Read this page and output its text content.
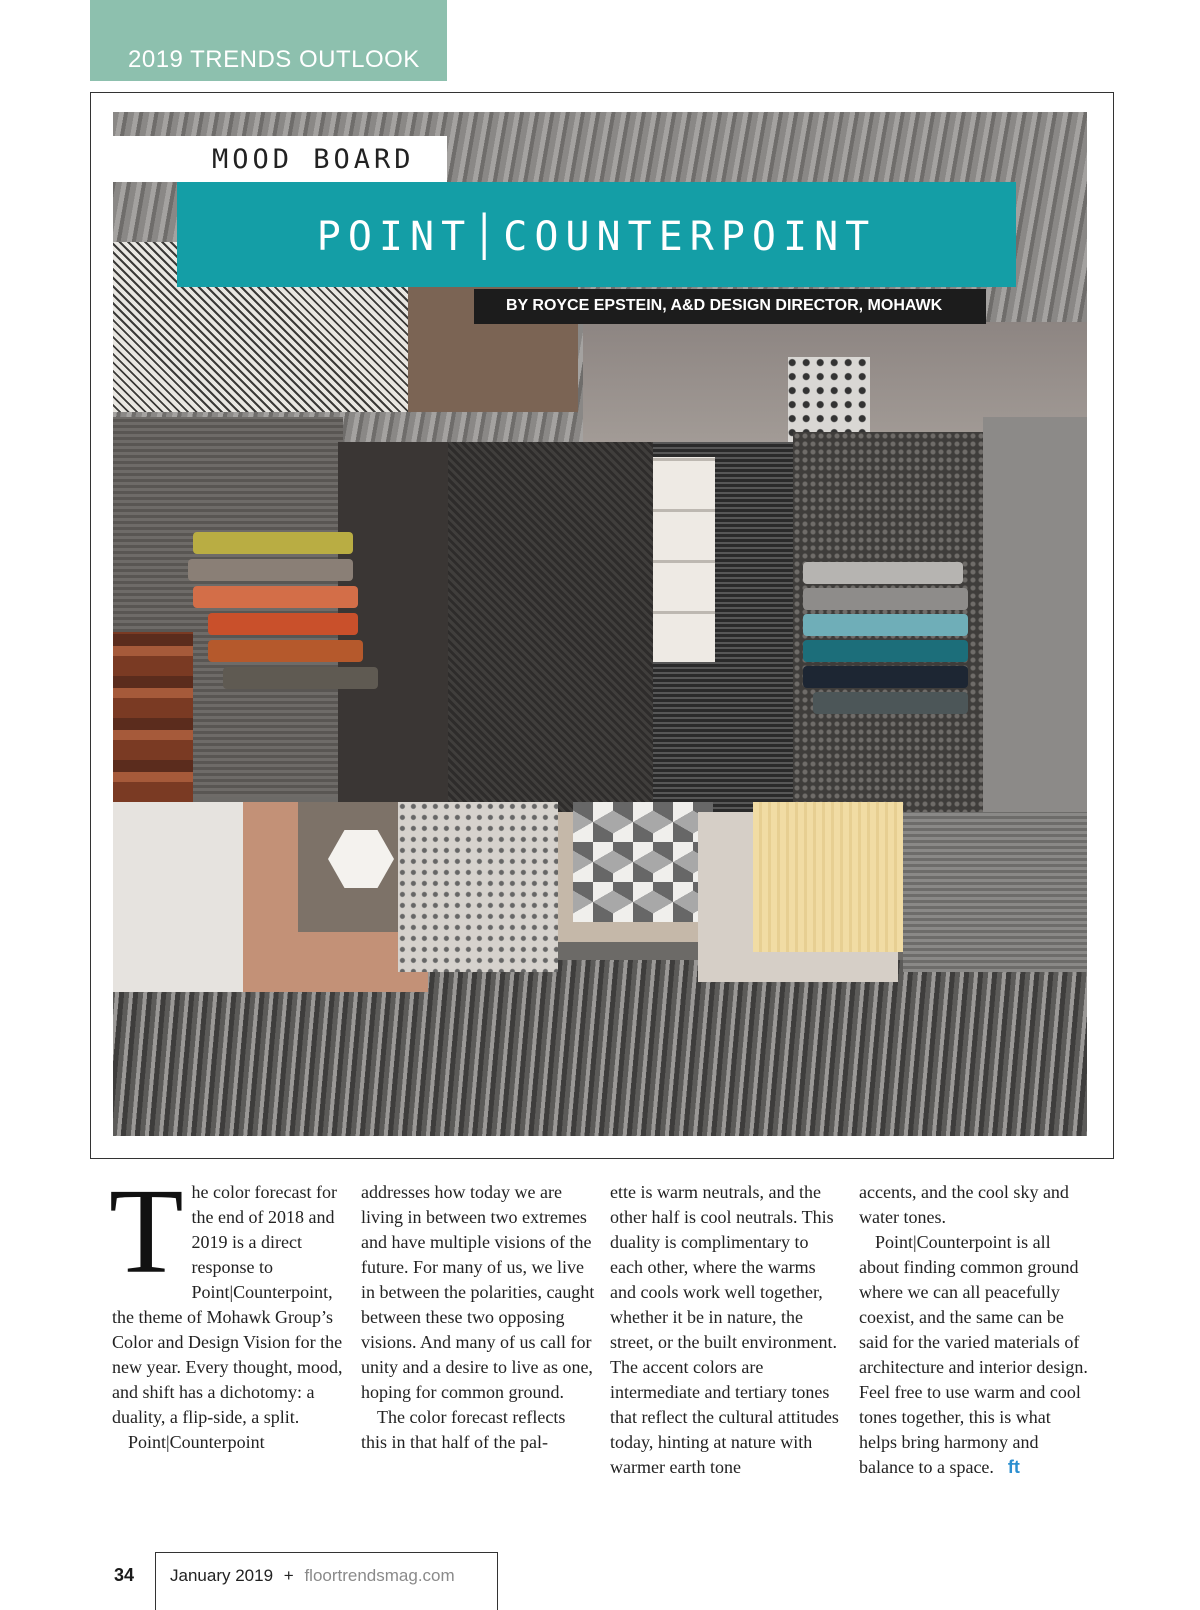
2019 TRENDS OUTLOOK
MOOD BOARD
POINT│COUNTERPOINT
BY ROYCE EPSTEIN, A&D DESIGN DIRECTOR, MOHAWK
T he color forecast for the end of 2018 and 2019 is a direct response to Point|Counterpoint, the theme of Mohawk Group’s Color and Design Vision for the new year. Every thought, mood, and shift has a dichotomy: a duality, a flip-side, a split.

Point|Counterpoint

addresses how today we are living in between two extremes and have multiple visions of the future. For many of us, we live in between the polarities, caught between these two opposing visions. And many of us call for unity and a desire to live as one, hoping for common ground.

The color forecast reflects this in that half of the pal-

ette is warm neutrals, and the other half is cool neutrals. This duality is complimentary to each other, where the warms and cools work well together, whether it be in nature, the street, or the built environment. The accent colors are intermediate and tertiary tones that reflect the cultural attitudes today, hinting at nature with warmer earth tone

accents, and the cool sky and water tones.

Point|Counterpoint is all about finding common ground where we can all peacefully coexist, and the same can be said for the varied materials of architecture and interior design. Feel free to use warm and cool tones together, this is what helps bring harmony and balance to a space. ft

34 January 2019 + floortrendsmag.com
